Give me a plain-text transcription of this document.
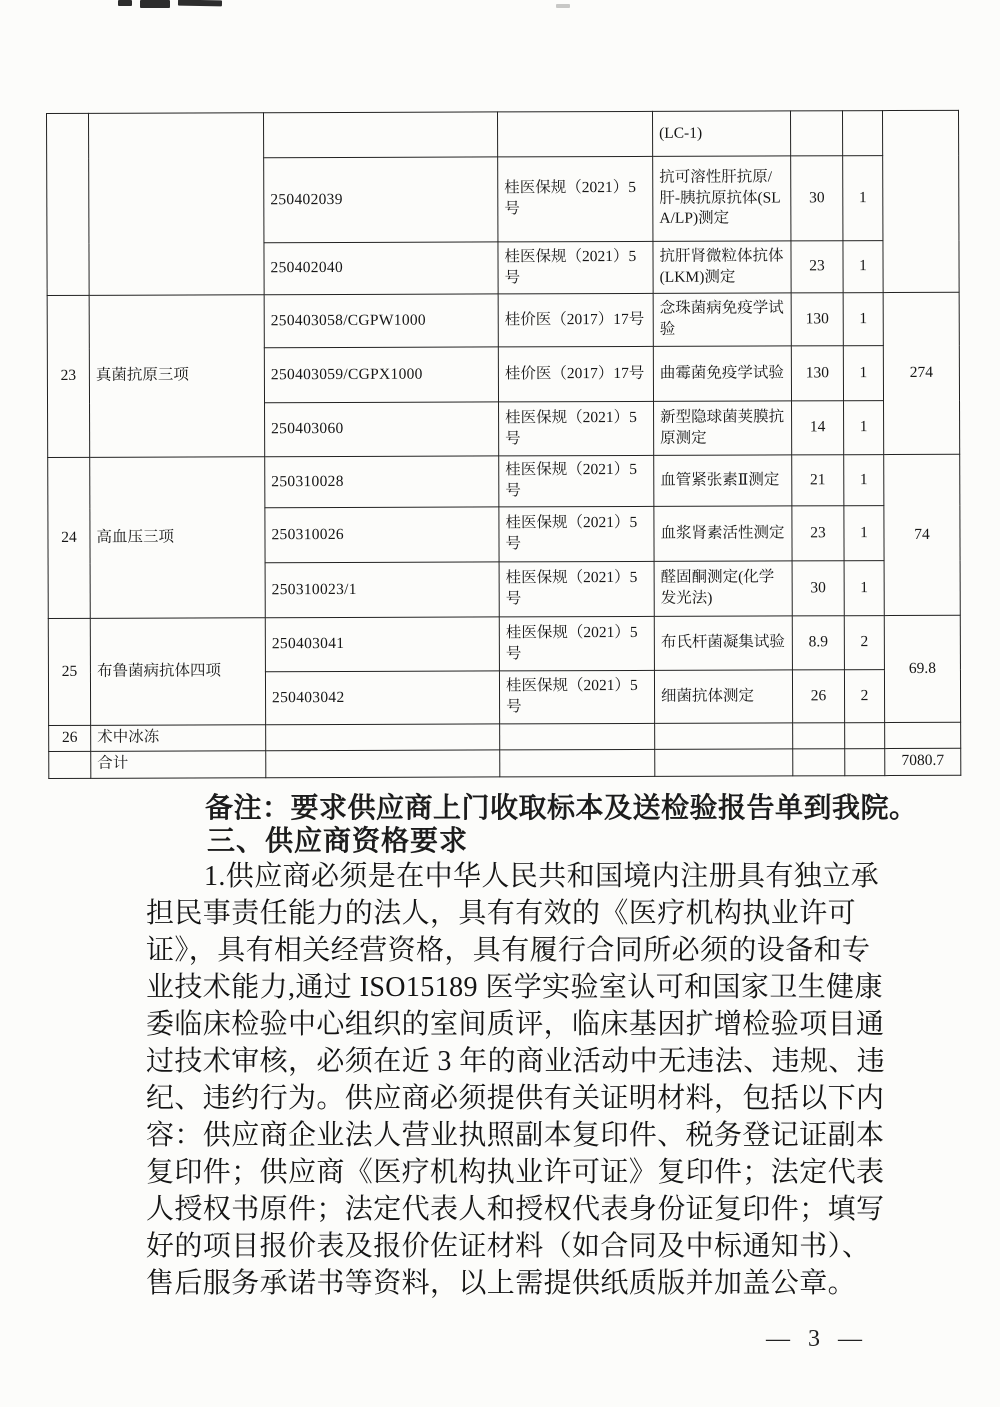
				(LC-1)			
		250402039	桂医保规（2021）5号	抗可溶性肝抗原/肝-胰抗原抗体(SLA/LP)测定	30	1	
		250402040	桂医保规（2021）5号	抗肝肾微粒体抗体(LKM)测定	23	1	
23	真菌抗原三项	250403058/CGPW1000	桂价医（2017）17号	念珠菌病免疫学试验	130	1	274
		250403059/CGPX1000	桂价医（2017）17号	曲霉菌免疫学试验	130	1	
		250403060	桂医保规（2021）5号	新型隐球菌荚膜抗原测定	14	1	
24	高血压三项	250310028	桂医保规（2021）5号	血管紧张素Ⅱ测定	21	1	74
		250310026	桂医保规（2021）5号	血浆肾素活性测定	23	1	
		250310023/1	桂医保规（2021）5号	醛固酮测定(化学发光法)	30	1	
25	布鲁菌病抗体四项	250403041	桂医保规（2021）5号	布氏杆菌凝集试验	8.9	2	69.8
		250403042	桂医保规（2021）5号	细菌抗体测定	26	2	
26	术中冰冻						
	合计						7080.7
备注：要求供应商上门收取标本及送检验报告单到我院。
三、供应商资格要求
1.供应商必须是在中华人民共和国境内注册具有独立承
担民事责任能力的法人，具有有效的《医疗机构执业许可
证》，具有相关经营资格，具有履行合同所必须的设备和专
业技术能力,通过 ISO15189 医学实验室认可和国家卫生健康
委临床检验中心组织的室间质评，临床基因扩增检验项目通
过技术审核，必须在近 3 年的商业活动中无违法、违规、违
纪、违约行为。供应商必须提供有关证明材料，包括以下内
容：供应商企业法人营业执照副本复印件、税务登记证副本
复印件；供应商《医疗机构执业许可证》复印件；法定代表
人授权书原件；法定代表人和授权代表身份证复印件；填写
好的项目报价表及报价佐证材料（如合同及中标通知书）、
售后服务承诺书等资料，以上需提供纸质版并加盖公章。
— 3 —
